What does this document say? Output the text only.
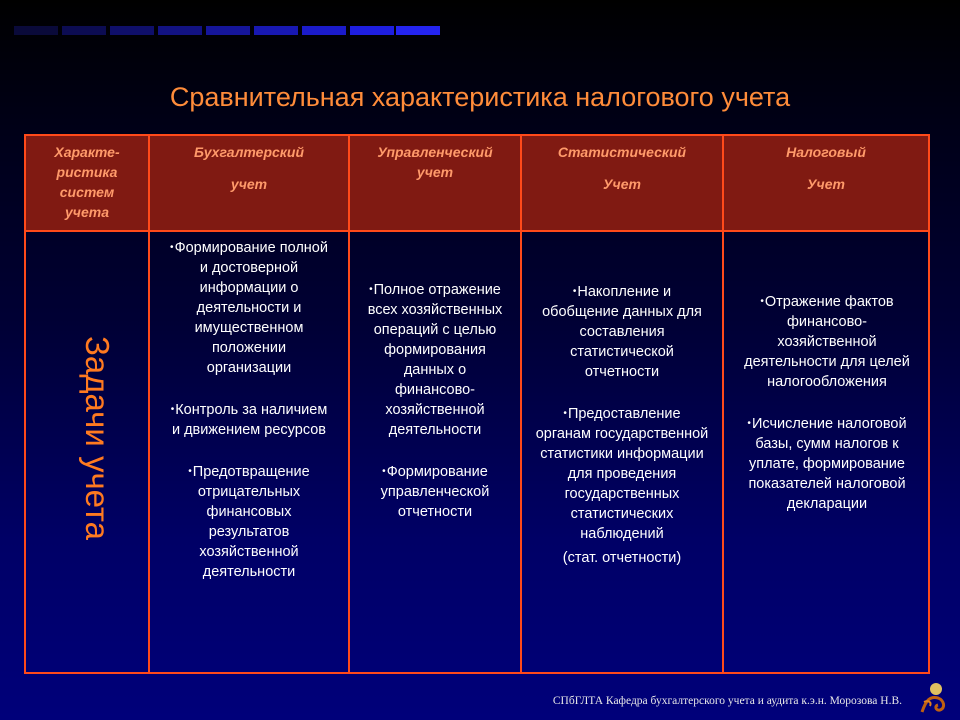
Сравнительная характеристика налогового учета
Характе-
ристика
систем
учета
Бухгалтерский
учет
Управленческий
учет
Статистический
Учет
Налоговый
Учет
Задачи учета
•Формирование полной и достоверной информации о деятельности и имущественном положении организации
•Контроль за наличием и движением ресурсов
•Предотвращение отрицательных финансовых результатов хозяйственной деятельности
•Полное отражение всех хозяйственных операций с целью формирования данных о финансово-хозяйственной деятельности
•Формирование управленческой отчетности
•Накопление и обобщение данных для составления статистической отчетности
•Предоставление органам государственной статистики информации для проведения государственных статистических наблюдений
(стат. отчетности)
•Отражение фактов финансово-хозяйственной деятельности для целей налогообложения
•Исчисление налоговой базы, сумм налогов к уплате, формирование показателей налоговой декларации
СПбГЛТА Кафедра бухгалтерского учета и аудита к.э.н. Морозова Н.В.
